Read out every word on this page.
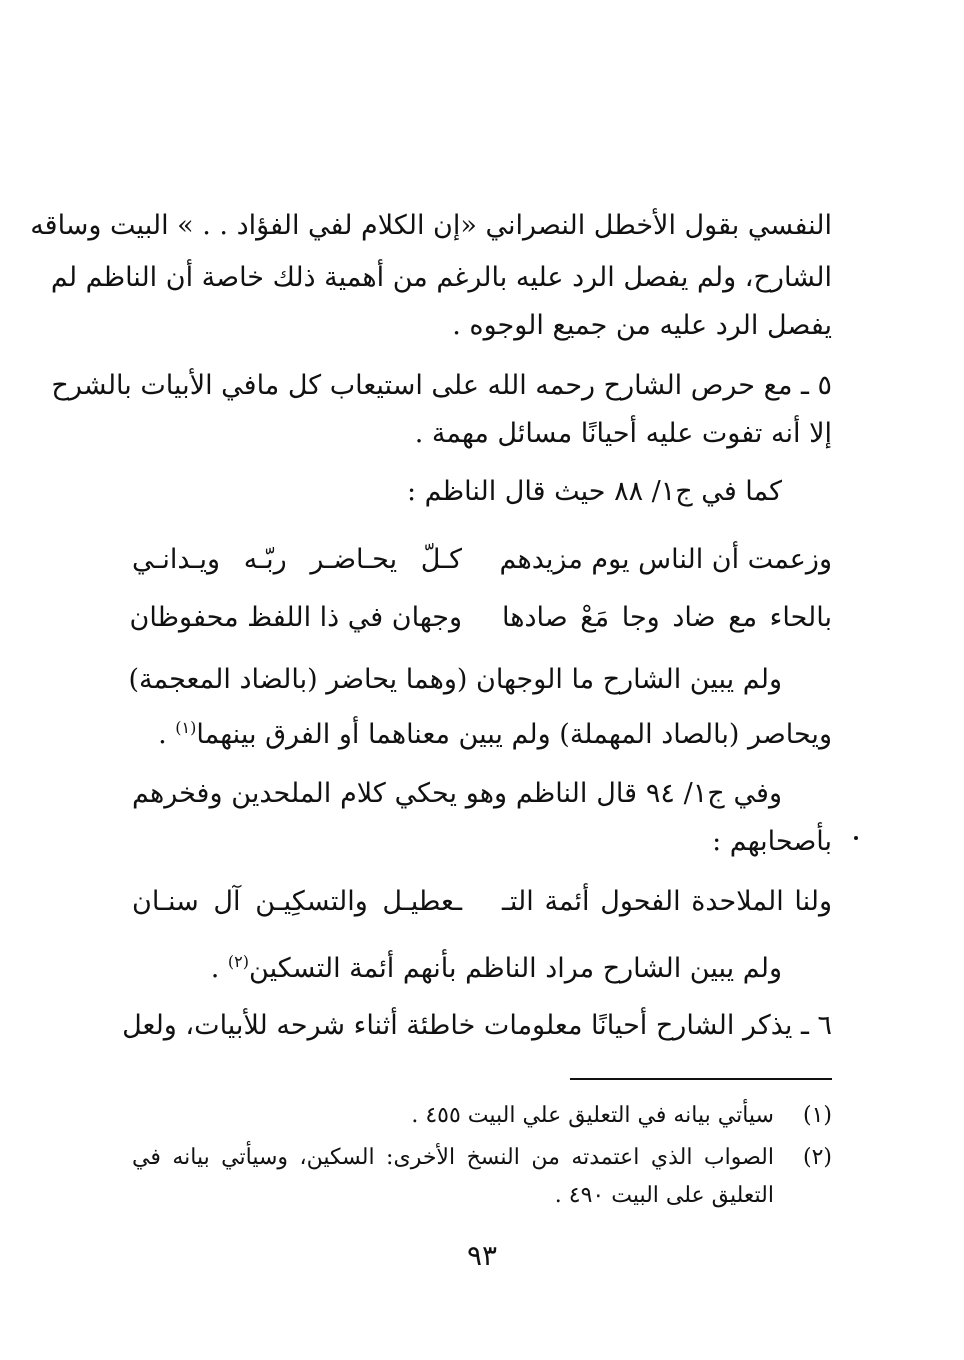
النفسي بقول الأخطل النصراني «إن الكلام لفي الفؤاد . . » البيت وساقه
الشارح، ولم يفصل الرد عليه بالرغم من أهمية ذلك خاصة أن الناظم لم
يفصل الرد عليه من جميع الوجوه .
٥ ـ مع حرص الشارح رحمه الله على استيعاب كل مافي الأبيات بالشرح
إلا أنه تفوت عليه أحيانًا مسائل مهمة .
كما في ج١/ ٨٨ حيث قال الناظم :
وزعمت أن الناس يوم مزيدهم
كـلّ يحـاضـر ربّـه ويـدانـي
بالحاء مع ضاد وجا مَعْ صادها
وجهان في ذا اللفظ محفوظان
ولم يبين الشارح ما الوجهان (وهما يحاضر (بالضاد المعجمة)
ويحاصر (بالصاد المهملة) ولم يبين معناهما أو الفرق بينهما$^{(١)}$ .
وفي ج١/ ٩٤ قال الناظم وهو يحكي كلام الملحدين وفخرهم
بأصحابهم :
ولنا الملاحدة الفحول أئمة التـ
ـعطيـل والتسكِيـن آل سنـان
ولم يبين الشارح مراد الناظم بأنهم أئمة التسكين$^{(٢)}$ .
٦ ـ يذكر الشارح أحيانًا معلومات خاطئة أثناء شرحه للأبيات، ولعل
(١)
سيأتي بيانه في التعليق علي البيت ٤٥٥ .
(٢)
الصواب الذي اعتمدته من النسخ الأخرى: السكين، وسيأتي بيانه في
التعليق على البيت ٤٩٠ .
٩٣
